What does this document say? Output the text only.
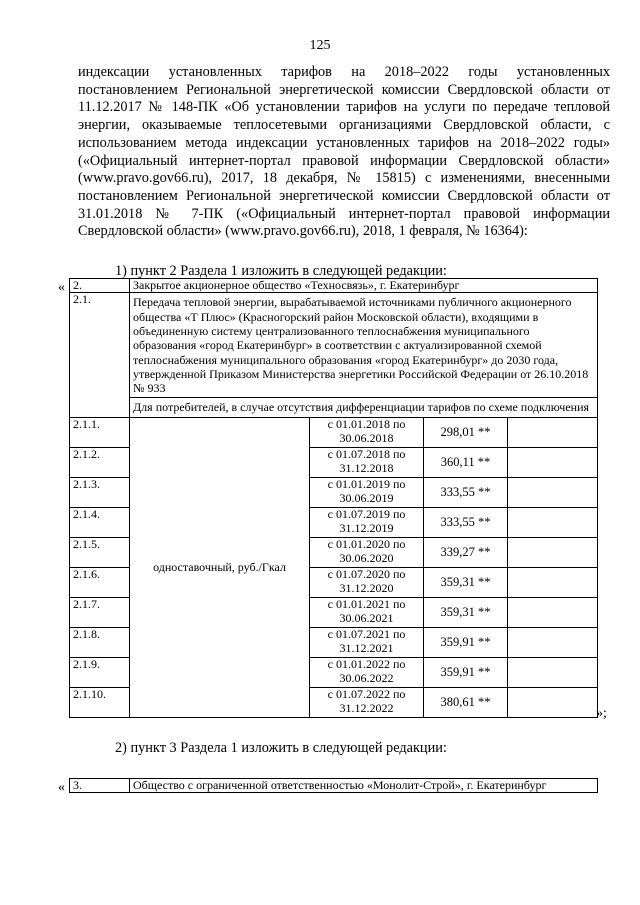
125

индексации установленных тарифов на 2018–2022 годы установленных постановлением Региональной энергетической комиссии Свердловской области от 11.12.2017 № 148-ПК «Об установлении тарифов на услуги по передаче тепловой энергии, оказываемые теплосетевыми организациями Свердловской области, с использованием метода индексации установленных тарифов на 2018–2022 годы» («Официальный интернет-портал правовой информации Свердловской области» (www.pravo.gov66.ru), 2017, 18 декабря, № 15815) с изменениями, внесенными постановлением Региональной энергетической комиссии Свердловской области от 31.01.2018 № 7-ПК («Официальный интернет-портал правовой информации Свердловской области» (www.pravo.gov66.ru), 2018, 1 февраля, № 16364):

1) пункт 2 Раздела 1 изложить в следующей редакции:
« 2.	Закрытое акционерное общество «Техносвязь», г. Екатеринбург			
2.1.	Передача тепловой энергии, вырабатываемой источниками публичного акционерного общества «Т Плюс» (Красногорский район Московской области), входящими в объединенную систему централизованного теплоснабжения муниципального образования «город Екатеринбург» в соответствии с актуализированной схемой теплоснабжения муниципального образования «город Екатеринбург» до 2030 года, утвержденной Приказом Министерства энергетики Российской Федерации от 26.10.2018 № 933			
	Для потребителей, в случае отсутствия дифференциации тарифов по схеме подключения			
2.1.1.	одноставочный, руб./Гкал	с 01.01.2018 по 30.06.2018	298,01 **	
2.1.2.		с 01.07.2018 по 31.12.2018	360,11 **	
2.1.3.		с 01.01.2019 по 30.06.2019	333,55 **	
2.1.4.		с 01.07.2019 по 31.12.2019	333,55 **	
2.1.5.		с 01.01.2020 по 30.06.2020	339,27 **	
2.1.6.		с 01.07.2020 по 31.12.2020	359,31 **	
2.1.7.		с 01.01.2021 по 30.06.2021	359,31 **	
2.1.8.		с 01.07.2021 по 31.12.2021	359,91 **	
2.1.9.		с 01.01.2022 по 30.06.2022	359,91 **	
2.1.10.		с 01.07.2022 по 31.12.2022	380,61 **	
»;
2) пункт 3 Раздела 1 изложить в следующей редакции:
« 3.	Общество с ограниченной ответственностью «Монолит-Строй», г. Екатеринбург
